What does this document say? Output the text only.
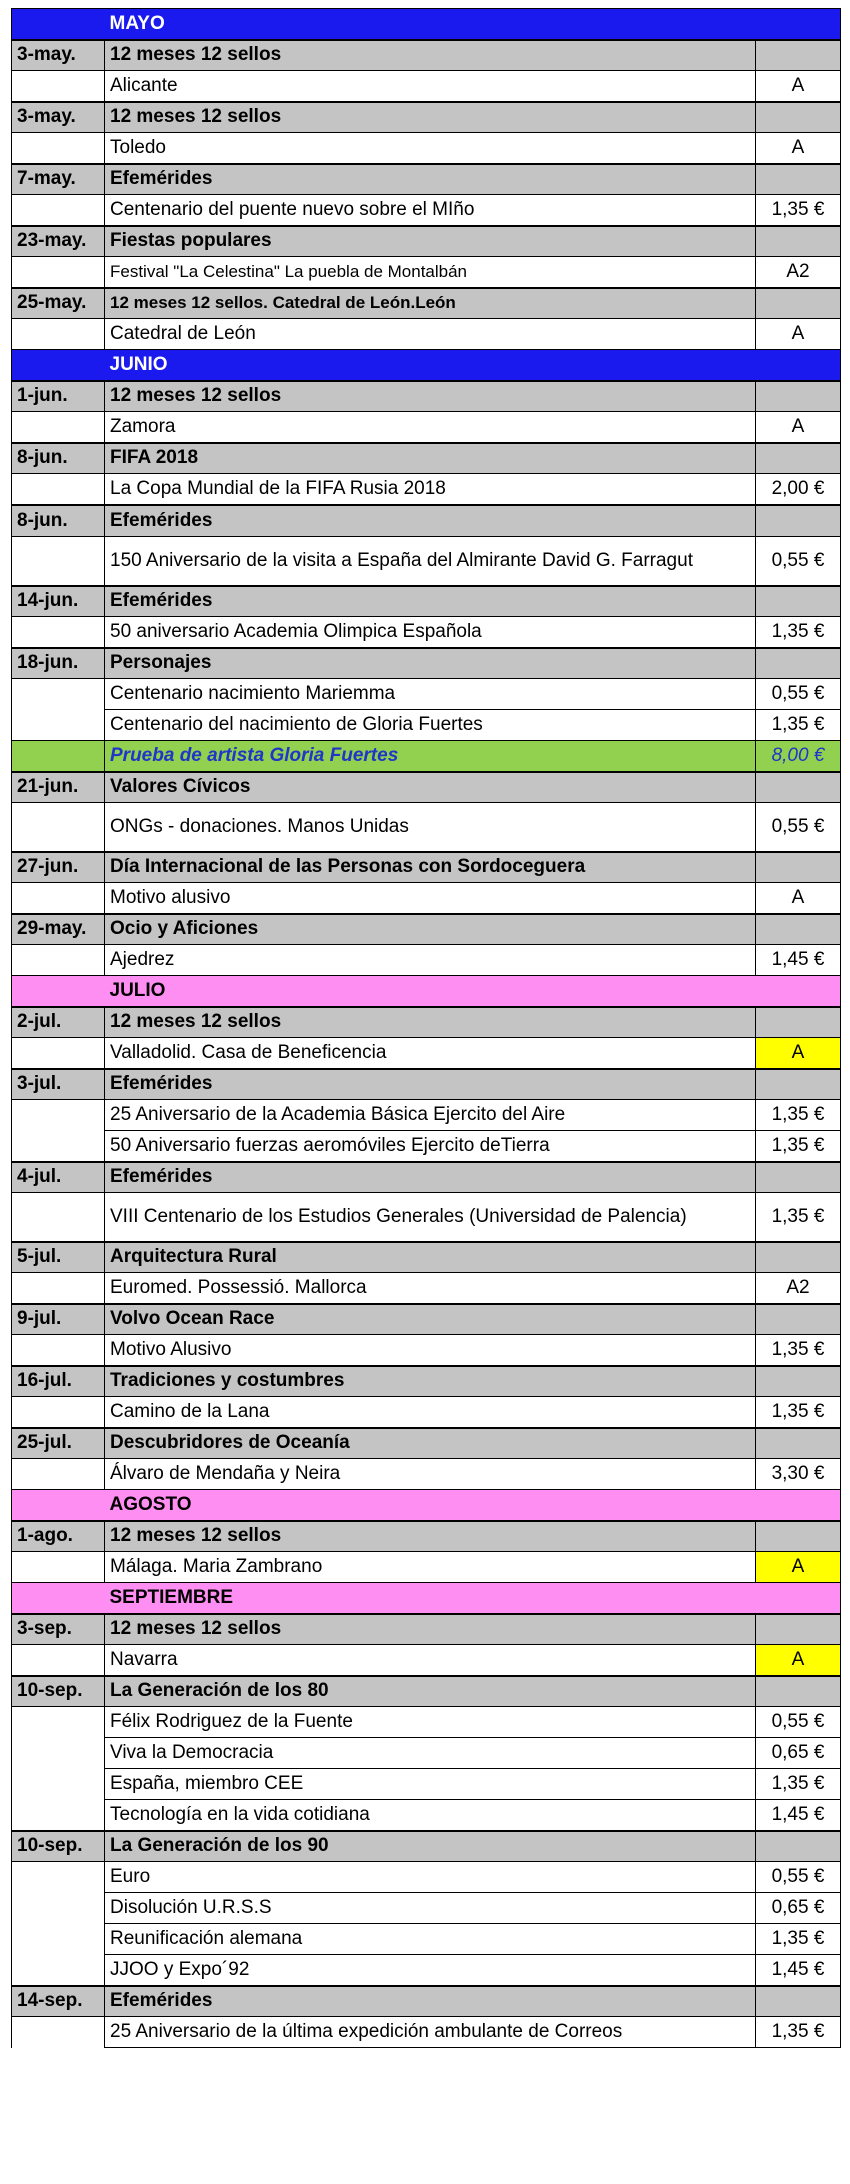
	MAYO	
3-may.	12 meses 12 sellos	
	Alicante	A
3-may.	12 meses 12 sellos	
	Toledo	A
7-may.	Efemérides	
	Centenario del puente nuevo sobre el MIño	1,35 €
23-may.	Fiestas populares	
	Festival "La Celestina" La puebla de Montalbán	A2
25-may.	12 meses 12 sellos. Catedral de León.León	
	Catedral de León	A
	JUNIO	
1-jun.	12 meses 12 sellos	
	Zamora	A
8-jun.	FIFA 2018	
	La Copa Mundial de la FIFA Rusia 2018	2,00 €
8-jun.	Efemérides	
	150 Aniversario de la visita a España del Almirante David G. Farragut	0,55 €
14-jun.	Efemérides	
	50 aniversario Academia Olimpica Española	1,35 €
18-jun.	Personajes	
	Centenario nacimiento Mariemma	0,55 €
	Centenario del nacimiento de Gloria Fuertes	1,35 €
	Prueba de artista Gloria Fuertes	8,00 €
21-jun.	Valores Cívicos	
	ONGs - donaciones. Manos Unidas	0,55 €
27-jun.	Día Internacional de las Personas con Sordoceguera	
	Motivo alusivo	A
29-may.	Ocio y Aficiones	
	Ajedrez	1,45 €
	JULIO	
2-jul.	12 meses 12 sellos	
	Valladolid. Casa de Beneficencia	A
3-jul.	Efemérides	
	25 Aniversario de la Academia Básica Ejercito del Aire	1,35 €
	50 Aniversario fuerzas aeromóviles Ejercito deTierra	1,35 €
4-jul.	Efemérides	
	VIII Centenario de los Estudios Generales (Universidad de Palencia)	1,35 €
5-jul.	Arquitectura Rural	
	Euromed. Possessió. Mallorca	A2
9-jul.	Volvo Ocean Race	
	Motivo Alusivo	1,35 €
16-jul.	Tradiciones y costumbres	
	Camino de la Lana	1,35 €
25-jul.	Descubridores de Oceanía	
	Álvaro de Mendaña y Neira	3,30 €
	AGOSTO	
1-ago.	12 meses 12 sellos	
	Málaga. Maria Zambrano	A
	SEPTIEMBRE	
3-sep.	12 meses 12 sellos	
	Navarra	A
10-sep.	La Generación de los 80	
	Félix Rodriguez de la Fuente	0,55 €
	Viva la Democracia	0,65 €
	España, miembro CEE	1,35 €
	Tecnología en la vida cotidiana	1,45 €
10-sep.	La Generación de los 90	
	Euro	0,55 €
	Disolución U.R.S.S	0,65 €
	Reunificación alemana	1,35 €
	JJOO y Expo´92	1,45 €
14-sep.	Efemérides	
	25 Aniversario de la última expedición ambulante de Correos	1,35 €
